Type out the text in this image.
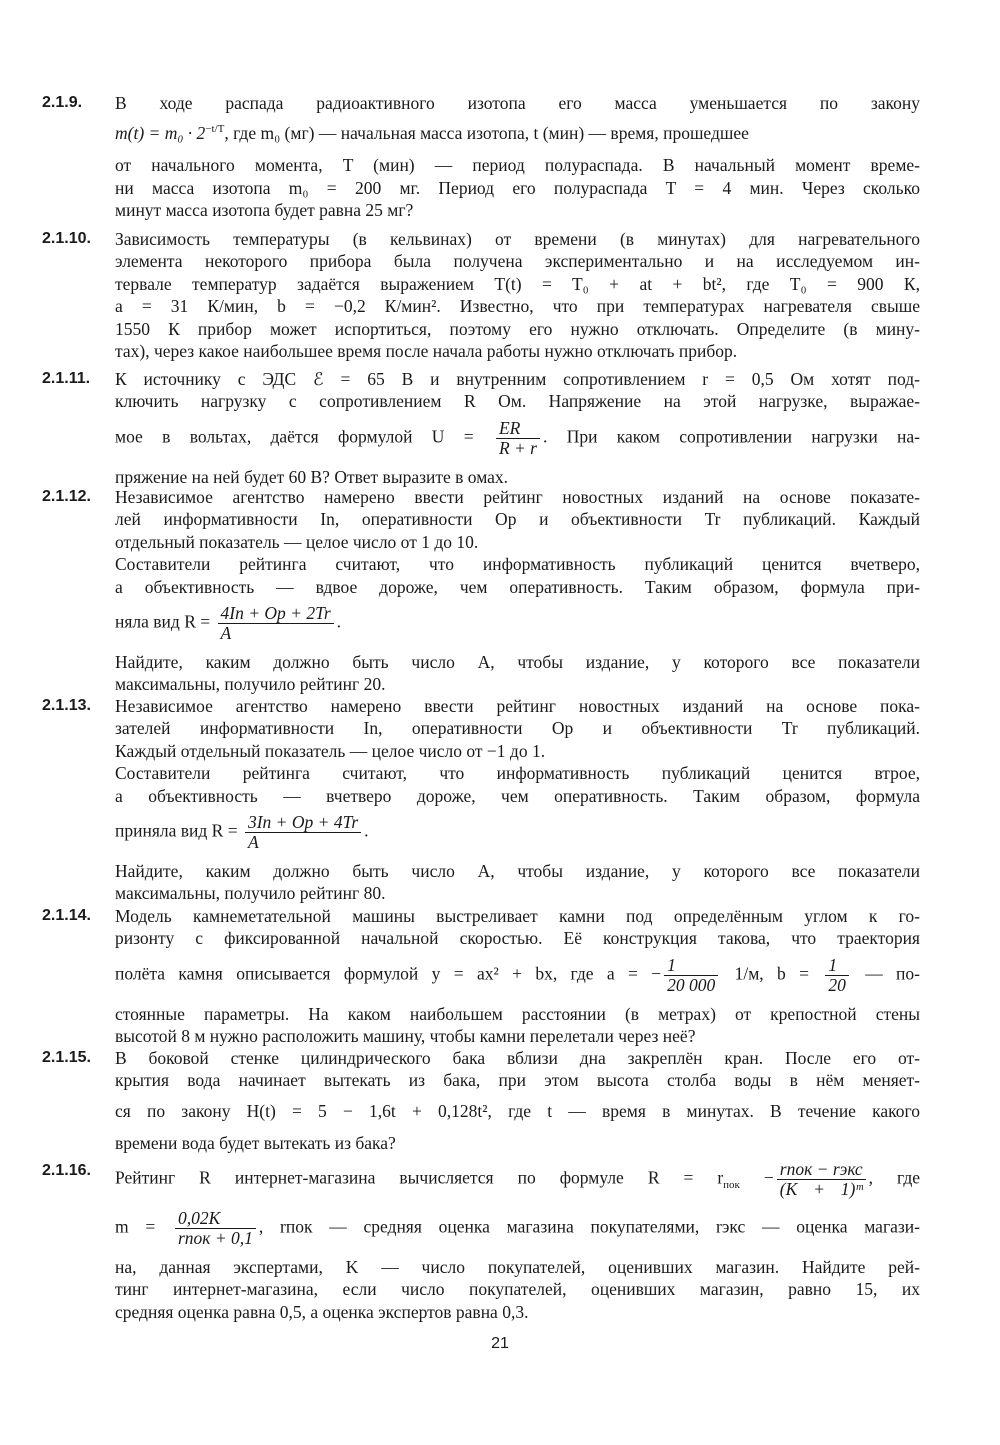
2.1.9. В ходе распада радиоактивного изотопа его масса уменьшается по закону

$m(t) = m_0 \cdot 2^{-t/T}$, где m₀ (мг) — начальная масса изотопа, t (мин) — время, прошедшее

от начального момента, T (мин) — период полураспада. В начальный момент време-

ни масса изотопа m₀ = 200 мг. Период его полураспада T = 4 мин. Через сколько

минут масса изотопа будет равна 25 мг?

2.1.10. Зависимость температуры (в кельвинах) от времени (в минутах) для нагревательного

элемента некоторого прибора была получена экспериментально и на исследуемом ин-

тервале температур задаётся выражением T(t) = T₀ + at + bt², где T₀ = 900 К,

a = 31 К/мин, b = −0,2 К/мин². Известно, что при температурах нагревателя свыше

1550 К прибор может испортиться, поэтому его нужно отключать. Определите (в мину-

тах), через какое наибольшее время после начала работы нужно отключать прибор.

2.1.11. К источнику с ЭДС ℰ = 65 В и внутренним сопротивлением r = 0,5 Ом хотят под-

ключить нагрузку с сопротивлением R Ом. Напряжение на этой нагрузке, выражае-

мое в вольтах, даётся формулой $U = \frac{ER}{R + r}$ . При каком сопротивлении нагрузки на-

пряжение на ней будет 60 В? Ответ выразите в омах.

2.1.12. Независимое агентство намерено ввести рейтинг новостных изданий на основе показате-

лей информативности In, оперативности Op и объективности Tr публикаций. Каждый

отдельный показатель — целое число от 1 до 10.

Составители рейтинга считают, что информативность публикаций ценится вчетверо,

а объективность — вдвое дороже, чем оперативность. Таким образом, формула при-

няла вид $R = \frac{4In + Op + 2Tr}{A}$ .

Найдите, каким должно быть число A, чтобы издание, у которого все показатели

максимальны, получило рейтинг 20.

2.1.13. Независимое агентство намерено ввести рейтинг новостных изданий на основе пока-

зателей информативности In, оперативности Op и объективности Tr публикаций.

Каждый отдельный показатель — целое число от −1 до 1.

Составители рейтинга считают, что информативность публикаций ценится втрое,

а объективность — вчетверо дороже, чем оперативность. Таким образом, формула

приняла вид $R = \frac{3In + Op + 4Tr}{A}$ .

Найдите, каким должно быть число A, чтобы издание, у которого все показатели

максимальны, получило рейтинг 80.

2.1.14. Модель камнеметательной машины выстреливает камни под определённым углом к го-

ризонту с фиксированной начальной скоростью. Её конструкция такова, что траектория

полёта камня описывается формулой y = ax² + bx, где a = − $\frac{1}{20 000} 1/м$, $b = \frac{1}{20}$ — по-

стоянные параметры. На каком наибольшем расстоянии (в метрах) от крепостной стены

высотой 8 м нужно расположить машину, чтобы камни перелетали через неё?

2.1.15. В боковой стенке цилиндрического бака вблизи дна закреплён кран. После его от-

крытия вода начинает вытекать из бака, при этом высота столба воды в нём меняет-

ся по закону H(t) = 5 − 1,6t + 0,128t², где t — время в минутах. В течение какого

времени вода будет вытекать из бака?

2.1.16. Рейтинг R интернет-магазина вычисляется по формуле $R = r_{пок}$ − rпок − rэкс
(K + 1)ᵐ
, где

m = 0,02K
rпок + 0,1
, rпок — средняя оценка магазина покупателями, rэкс — оценка магази-

на, данная экспертами, K — число покупателей, оценивших магазин. Найдите рей-

тинг интернет-магазина, если число покупателей, оценивших магазин, равно 15, их

средняя оценка равна 0,5, а оценка экспертов равна 0,3.

21
